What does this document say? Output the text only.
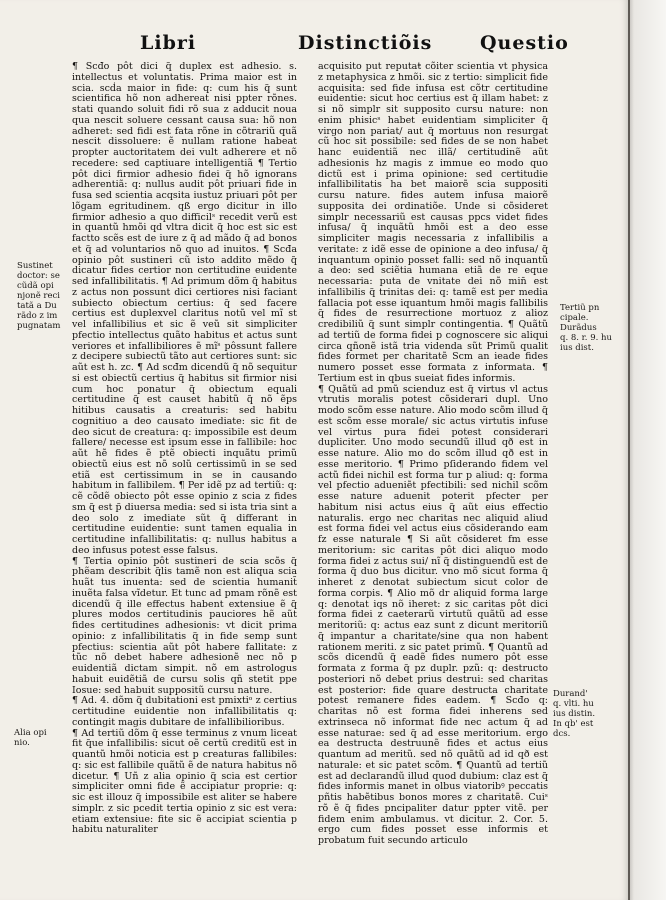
Libri	Distinctiõis	Questio

¶ Scđo pôt dici q̃ duplex est adhesio. s. intellectus et voluntatis. Prima maior est in scia. scḋa maior in fide: q: cum his q̃ sunt scientifica hõ non adhereat nisi ppter rõnes. stati quando soluit fidi rõ sua z adducit noua qua nescit soluere cessant causa sua: hõ non adheret: sed fidi est fata rõne in cõtrariũ quã nescit dissoluere: ẽ nullam ratione habeat propter auctoritatem dei vult adherere et nõ recedere: sed captiuare intelligentiã ¶ Tertio pôt dici firmior adhesio fidei q̃ hõ ignorans adherentiã: q: nullus audit pôt priuari fide in fusa sed scientia acqsita iustuz priuari pôt per lõgam egritudinem. qß ergo dicitur in illo firmior adhesio a quo difficilˢ recedit verũ est in quantũ hmõi qd vltra dicit q̃ hoc est sic est factto scẽs est de iure z q̃ ad mãdo q̃ ad bonos et q̃ ad voluntarios nõ quo ad inuitos. ¶ Scđa opinio pôt sustineri cũ isto addito mẽdo q̃ dicatur fides certior non certitudine euidente sed infallibilitatis. ¶ Ad primum dõm q̃ habitus z actus non possunt dici certiores nisi faciant subiecto obiectum certius: q̃ sed facere certius est duplexvel claritus notũ vel mĩ st vel infallibilius et sic ẽ veũ sit simpliciter pfectio intellectus quãto habitus et actus sunt veriores et infallibiliores ẽ mĩˢ pôssunt fallere z decipere subiectũ tãto aut certiores sunt: sic aũt est h. zc. ¶ Ad scđm dicendũ q̃ nõ sequitur si est obiectũ certius q̃ habitus sit firmior nisi cum hoc ponatur q̃ obiectum equali certitudine q̃ est causet habitũ q̃ nõ ẽps hitibus causatis a creaturis: sed habitu cognitiuo a deo causato imediate: sic fit de deo sicut de creatura: q: impossibile est deum fallere/ necesse est ipsum esse in fallibile: hoc aũt hẽ fides ẽ ptẽ obiecti inquãtu primũ obiectũ eius est nõ solũ certissimũ in se sed etiã est certissimum in se in causando habitum in fallibilem. ¶ Per idẽ pz ad tertiũ: q: cẽ cõdẽ obiecto pôt esse opinio z scia z fides sm q̃ est p̃ diuersa media: sed si ista tria sint a deo solo z imediate sũt q̃ differant in certitudine euidentie: sunt tamen equalia in certitudine infallibilitatis: q: nullus habitus a deo infusus potest esse falsus.

¶ Tertia opinio pôt sustineri de scia scõs q̃ phẽam describit q̃lis tamẽ non est aliqua scia huãt tus inuenta: sed de scientia humanit̃ inuẽta falsa vĩdetur. Et tunc ad pmam rõnẽ est dicendũ q̃ ille effectus habent extensiue ẽ q̃ plures modos certitudinis pauciores hẽ aũt fides certitudines adhesionis: vt dicit prima opinio: z infallibilitatis q̃ in fide semp sunt pfectius: scientia aũt pôt habere fallitate: z tũc nõ debet habere adhesionẽ nec nõ p euidentiã dictam simpit. nõ em astrologus habuit euidẽtiã de cursu solis qñ stetit ppe Iosue: sed habuit suppositũ cursu nature.

¶ Ad. 4. dõm q̃ dubitationi est pmixtiᵒ z certius certitudine euidentie non infallibilitatis q: contingit magis dubitare de infallibilioribus.

¶ Ad tertiũ dõm q̃ esse terminus z vnum liceat fit q̃ue infallibilis: sicut oẽ certũ creditũ est in quantũ hmõi noticia est p creaturas fallibiles: q: sic est fallibile quãtũ ẽ de natura habitus nõ dicetur. ¶ Uñ z alia opinio q̃ scia est certior simpliciter omni fide ẽ accipiatur proprie: q: sic est illouz q̃ impossibile est aliter se habere simplr. z sic pcedit tertia opinio z sic est vera: etiam extensiue: fite sic ẽ accipiat scientia p habitu naturaliter

acquisito put reputaŧ cõiter scientia vt physica z metaphysica z hmõi. sic z tertio: simplicit fide acquisita: sed fide infusa est cõtr certitudine euidentie: sicut hoc certius est q̃ illam habet: z si nõ simplr sit supposito cursu nature: non enim phisicˢ habet euidentiam simpliciter q̃ virgo non pariat/ aut q̃ mortuus non resurgat cũ hoc sit possibile: sed fides de se non habet hanc euidentiã nec illã/ certitudinẽ aũt adhesionis hz magis z immue eo modo quo dictũ est i prima opinione: sed certitudie infallibilitatis ha bet maiorẽ scia suppositi cursu nature. fides autem infusa maiorẽ supposita dei ordinatiõe. Unde si cõsideret simplr necessariũ est causas ppcs videt fides infusa/ q̃ inquãtũ hmõi est a deo esse simpliciter magis necessaria z infallibilis a veritate: z idẽ esse de opinione a deo infusa/ q̃ inquantum opinio posset falli: sed nõ inquantũ a deo: sed sciẽtia humana etiã de re eque necessaria: puta de vnitate dei nõ min̄ est infallibilis q̃ trinitas dei: q: tamẽ est per media fallacia pot esse iquantum hmõi magis fallibilis q̃ fides de resurrectione mortuoz z alioz credibiliũ q̃ sunt simplr contingentia. ¶ Quãtũ ad tertiũ de forma fidei p cognoscere sic aliqui circa qñonẽ istã tria videnda sũt Primũ qualit fides formet per charitatẽ Scm an ieade fides numero posset esse formata z informata. ¶ Tertium est in qbus sueiat fides informis.

¶ Quãtũ ad pmũ scienduz est q̃ virtus vl actus vtrutis moralis potest cõsiderari dupl. Uno modo scõm esse nature. Alio modo scõm illud q̃ est scõm esse morale/ sic actus virtutis infuse vel virtus pura fidei potest considerari dupliciter. Uno modo secundũ illud qð est in esse nature. Alio mo do scõm illud qð est in esse meritorio. ¶ Primo pſiderando fidem vel actũ fidei nichil est forma tur p aliud: q: forma vel pfectio adueniẽt pfectibili: sed nichil scõm esse nature aduenit poterit pfecter per habitum nisi actus eius q̃ aũt eius effectio naturalis. ergo nec charitas nec aliquid aliud est forma fidei vel actus eius cõsiderando eam fz esse naturale ¶ Si aũt cõsideret fm esse meritorium: sic caritas pôt dici aliquo modo forma fidei z actus sui/ nĩ q̃ distinguendũ est de forma q̃ duo bus dicitur. vno mõ sicut forma q̃ inheret z denotat subiectum sicut color de forma corpis. ¶ Alio mõ dr aliquid forma large q: denotat iqs nõ iheret: z sic caritas pôt dici forma fidei z caeterarũ virtutũ quãtũ ad esse meritoriũ: q: actus eaz sunt z dicunt meritoriũ q̃ impantur a charitate/sine qua non habent rationem meriti. z sic patet primũ. ¶ Quantũ ad scõs dicendũ q̃ eadẽ fides numero pôt esse formata z forma q̃ pz duplr. pzũ: q: destructo posteriori nõ debet prius destrui: sed charitas est posterior: fide quare destructa charitate potest remanere fides eadem. ¶ Scđo q: charitas nõ est forma fidei inherens sed extrinseca nõ informat fide nec actum q̃ ad esse naturae: sed q̃ ad esse meritorium. ergo ea destructa destruunẽ fides et actus eius quantum ad meritũ. sed nõ quãtũ ad id qð est naturale: et sic patet scõm. ¶ Quantũ ad tertiũ est ad declarandũ illud quod dubium: claz est q̃ fides informis manet in olbus viatoribꝰ peccatis pñtis habẽtibus bonos mores z charitatẽ. Cuiˢ rõ ẽ q̃ fides pncipaliter datur ppter vitẽ. per fidem enim ambulamus. vt dicitur. 2. Cor. 5. ergo cum fides posset esse informis et probatum fuit secundo articulo

Sustinet
doctor: se
cũdã opi
njonẽ reci
tatã a Du
rãdo z im
pugnatam
Alia opi
nio.
Tertiũ pn
cipale.
Durãdus
q. 8. r. 9. hu
ius dist.
Durand'
q. vlti. hu
ius distin.
In qb' est
dcs.
